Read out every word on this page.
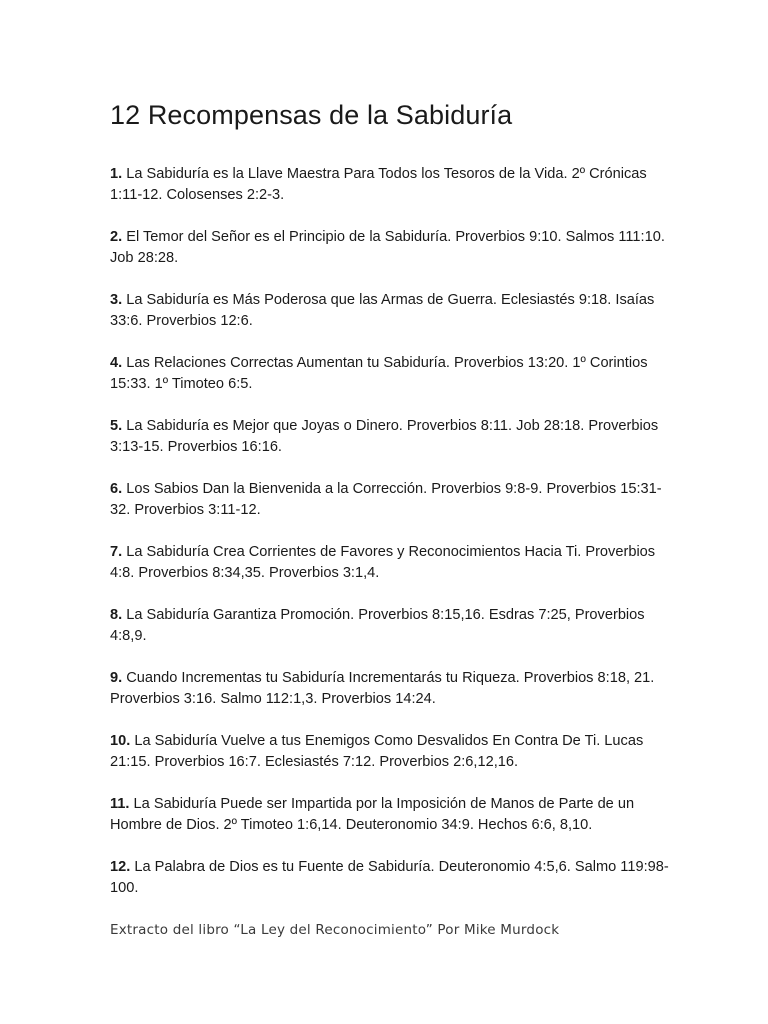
12 Recompensas de la Sabiduría
1. La Sabiduría es la Llave Maestra Para Todos los Tesoros de la Vida. 2º Crónicas 1:11-12. Colosenses 2:2-3.
2. El Temor del Señor es el Principio de la Sabiduría. Proverbios 9:10. Salmos 111:10. Job 28:28.
3. La Sabiduría es Más Poderosa que las Armas de Guerra. Eclesiastés 9:18. Isaías 33:6. Proverbios 12:6.
4. Las Relaciones Correctas Aumentan tu Sabiduría. Proverbios 13:20. 1º Corintios 15:33. 1º Timoteo 6:5.
5. La Sabiduría es Mejor que Joyas o Dinero. Proverbios 8:11. Job 28:18. Proverbios 3:13-15. Proverbios 16:16.
6. Los Sabios Dan la Bienvenida a la Corrección. Proverbios 9:8-9. Proverbios 15:31-32. Proverbios 3:11-12.
7. La Sabiduría Crea Corrientes de Favores y Reconocimientos Hacia Ti. Proverbios 4:8. Proverbios 8:34,35. Proverbios 3:1,4.
8. La Sabiduría Garantiza Promoción. Proverbios 8:15,16. Esdras 7:25, Proverbios 4:8,9.
9. Cuando Incrementas tu Sabiduría Incrementarás tu Riqueza. Proverbios 8:18, 21. Proverbios 3:16. Salmo 112:1,3. Proverbios 14:24.
10. La Sabiduría Vuelve a tus Enemigos Como Desvalidos En Contra De Ti. Lucas 21:15. Proverbios 16:7. Eclesiastés 7:12. Proverbios 2:6,12,16.
11. La Sabiduría Puede ser Impartida por la Imposición de Manos de Parte de un Hombre de Dios. 2º Timoteo 1:6,14. Deuteronomio 34:9. Hechos 6:6, 8,10.
12. La Palabra de Dios es tu Fuente de Sabiduría. Deuteronomio 4:5,6. Salmo 119:98-100.

Extracto del libro “La Ley del Reconocimiento” Por Mike Murdock
